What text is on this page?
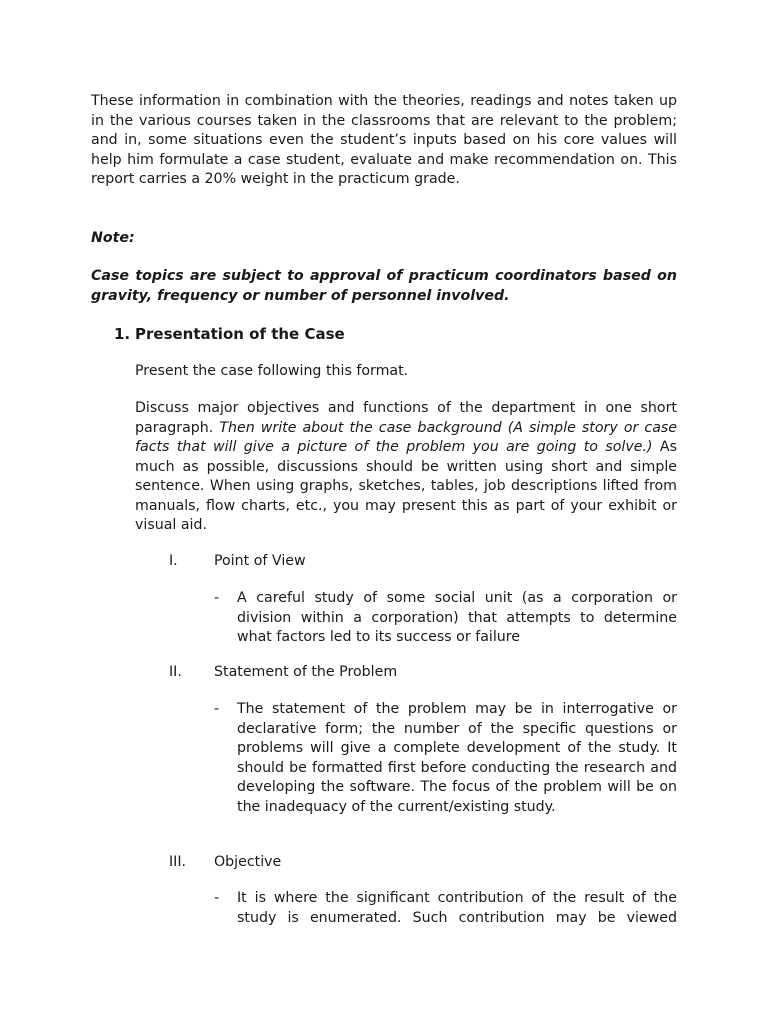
These information in combination with the theories, readings and notes taken up in the various courses taken in the classrooms that are relevant to the problem; and in, some situations even the student’s inputs based on his core values will help him formulate a case student, evaluate and make recommendation on. This report carries a 20% weight in the practicum grade.

Note:

Case topics are subject to approval of practicum coordinators based on gravity, frequency or number of personnel involved.

1. Presentation of the Case

Present the case following this format.

Discuss major objectives and functions of the department in one short paragraph. Then write about the case background (A simple story or case facts that will give a picture of the problem you are going to solve.) As much as possible, discussions should be written using short and simple sentence. When using graphs, sketches, tables, job descriptions lifted from manuals, flow charts, etc., you may present this as part of your exhibit or visual aid.

I.	Point of View
- A careful study of some social unit (as a corporation or division within a corporation) that attempts to determine what factors led to its success or failure

II. Statement of the Problem
- The statement of the problem may be in interrogative or declarative form; the number of the specific questions or problems will give a complete development of the study. It should be formatted first before conducting the research and developing the software. The focus of the problem will be on the inadequacy of the current/existing study.

III. Objective
- It is where the significant contribution of the result of the study is enumerated. Such contribution may be viewed
